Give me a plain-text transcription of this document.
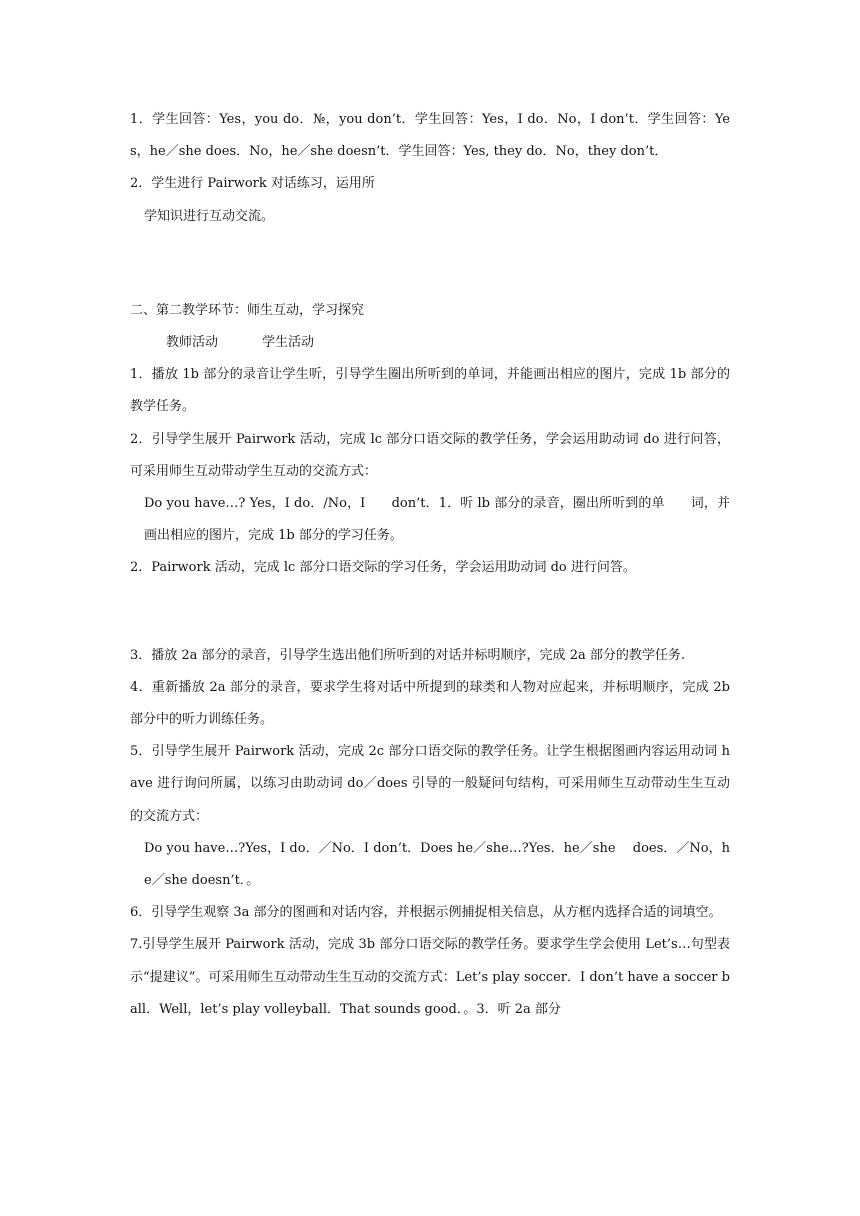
1．学生回答：Yes，you do．№，you don’t．学生回答：Yes，I do．No，I don’t．学生回答：Yes，he／she does．No，he／she doesn’t．学生回答：Yes, they do．No，they don’t．

2．学生进行 Pairwork 对话练习，运用所

学知识进行互动交流。

二、第二教学环节：师生互动，学习探究

教师活动	学生活动

1．播放 1b 部分的录音让学生听，引导学生圈出所听到的单词，并能画出相应的图片，完成 1b 部分的教学任务。

2．引导学生展开 Pairwork 活动，完成 lc 部分口语交际的教学任务，学会运用助动词 do 进行问答，可采用师生互动带动学生互动的交流方式：

Do you have…? Yes，I do．/No，I　　don’t．1．听 lb 部分的录音，圈出所听到的单　　词，并画出相应的图片，完成 1b 部分的学习任务。

2．Pairwork 活动，完成 lc 部分口语交际的学习任务，学会运用助动词 do 进行问答。

3．播放 2a 部分的录音，引导学生选出他们所听到的对话并标明顺序，完成 2a 部分的教学任务.

4．重新播放 2a 部分的录音，要求学生将对话中所提到的球类和人物对应起来，并标明顺序，完成 2b 部分中的听力训练任务。

5．引导学生展开 Pairwork 活动，完成 2c 部分口语交际的教学任务。让学生根据图画内容运用动词 have 进行询问所属，以练习由助动词 do／does 引导的一般疑问句结构，可采用师生互动带动生生互动的交流方式：

Do you have…?Yes，I do．／No．I don’t．Does he／she…?Yes．he／she　 does．／No，he／she doesn’t．。

6．引导学生观察 3a 部分的图画和对话内容，并根据示例捕捉相关信息，从方框内选择合适的词填空。

7.引导学生展开 Pairwork 活动，完成 3b 部分口语交际的教学任务。要求学生学会使用 Let’s…句型表示“提建议”。可采用师生互动带动生生互动的交流方式：Let’s play soccer．I don’t have a soccer ball．Well，let’s play volleyball．That sounds good．。3．听 2a 部分
